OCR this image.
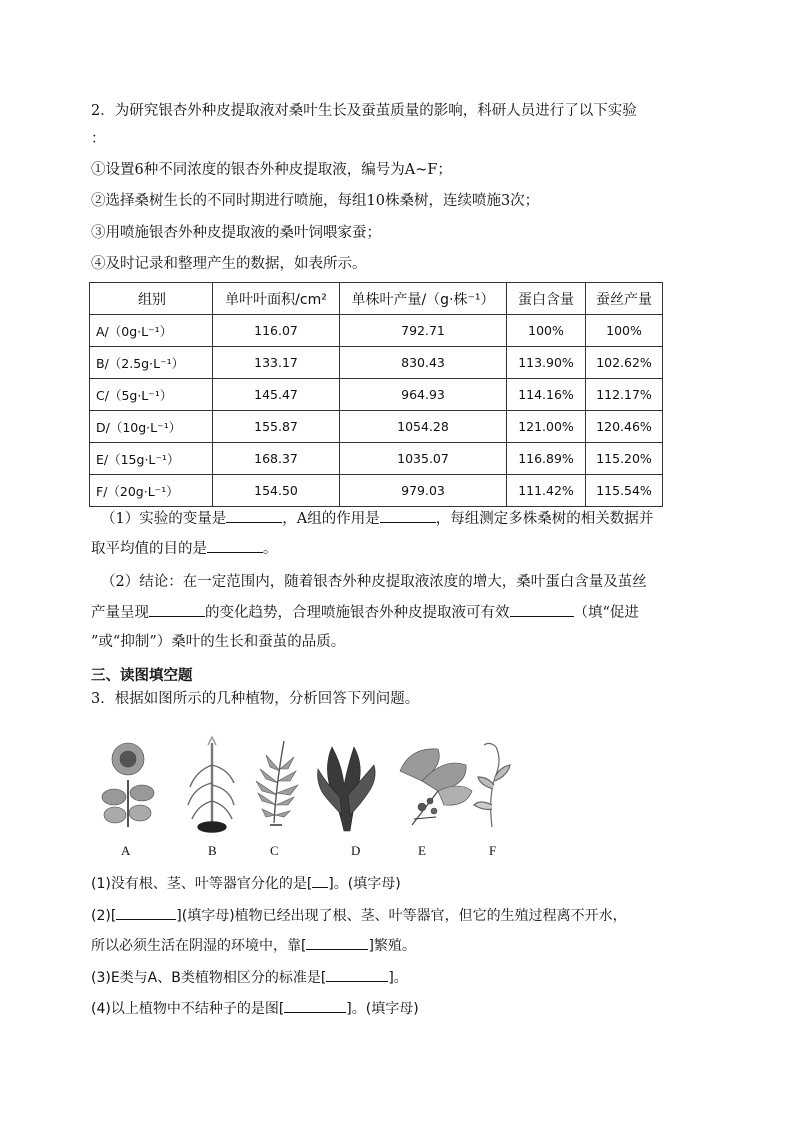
2．为研究银杏外种皮提取液对桑叶生长及蚕茧质量的影响，科研人员进行了以下实验
：
①设置6种不同浓度的银杏外种皮提取液，编号为A~F；
②选择桑树生长的不同时期进行喷施，每组10株桑树，连续喷施3次；
③用喷施银杏外种皮提取液的桑叶饲喂家蚕；
④及时记录和整理产生的数据，如表所示。
组别	单叶叶面积/cm²	单株叶产量/（g·株⁻¹）	蛋白含量	蚕丝产量
A/（0g·L⁻¹）	116.07	792.71	100%	100%
B/（2.5g·L⁻¹）	133.17	830.43	113.90%	102.62%
C/（5g·L⁻¹）	145.47	964.93	114.16%	112.17%
D/（10g·L⁻¹）	155.87	1054.28	121.00%	120.46%
E/（15g·L⁻¹）	168.37	1035.07	116.89%	115.20%
F/（20g·L⁻¹）	154.50	979.03	111.42%	115.54%
（1）实验的变量是	，A组的作用是	，每组测定多株桑树的相关数据并
取平均值的目的是	。
（2）结论：在一定范围内，随着银杏外种皮提取液浓度的增大，桑叶蛋白含量及茧丝
产量呈现	的变化趋势，合理喷施银杏外种皮提取液可有效	（填“促进
”或“抑制”）桑叶的生长和蚕茧的品质。
三、读图填空题
3．根据如图所示的几种植物，分析回答下列问题。
A	B	C	D	E	F
(1)没有根、茎、叶等器官分化的是[ ]。(填字母)
(2)[	](填字母)植物已经出现了根、茎、叶等器官，但它的生殖过程离不开水，
所以必须生活在阴湿的环境中，靠[	]繁殖。
(3)E类与A、B类植物相区分的标准是[	]。
(4)以上植物中不结种子的是图[	]。(填字母)
